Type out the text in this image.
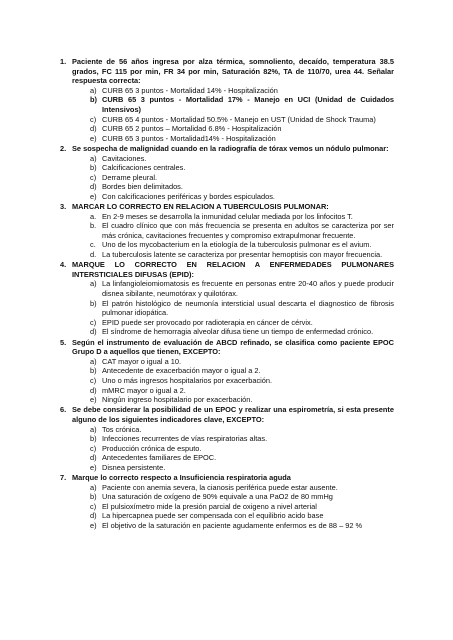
1. Paciente de 56 años ingresa por alza térmica, somnoliento, decaído, temperatura 38.5 grados, FC 115 por min, FR 34 por min, Saturación 82%, TA de 110/70, urea 44. Señalar respuesta correcta:
a) CURB 65 3 puntos - Mortalidad 14% - Hospitalización
b) CURB 65 3 puntos - Mortalidad 17% - Manejo en UCI (Unidad de Cuidados Intensivos)
c) CURB 65 4 puntos - Mortalidad 50.5% - Manejo en UST (Unidad de Shock Trauma)
d) CURB 65 2 puntos – Mortalidad 6.8% - Hospitalización
e) CURB 65 3 puntos - Mortalidad14% - Hospitalización
2. Se sospecha de malignidad cuando en la radiografía de tórax vemos un nódulo pulmonar:
a) Cavitaciones.
b) Calcificaciones centrales.
c) Derrame pleural.
d) Bordes bien delimitados.
e) Con calcificaciones periféricas y bordes espiculados.
3. MARCAR LO CORRECTO EN RELACION A TUBERCULOSIS PULMONAR:
a. En 2-9 meses se desarrolla la inmunidad celular mediada por los linfocitos T.
b. El cuadro clínico que con más frecuencia se presenta en adultos se caracteriza por ser más crónica, cavitaciones frecuentes y compromiso extrapulmonar frecuente.
c. Uno de los mycobacterium en la etiología de la tuberculosis pulmonar es el avium.
d. La tuberculosis latente se caracteriza por presentar hemoptisis con mayor frecuencia.
4. MARQUE LO CORRECTO EN RELACION A ENFERMEDADES PULMONARES INTERSTICIALES DIFUSAS (EPID):
a) La linfangioleiomiomatosis es frecuente en personas entre 20-40 años y puede producir disnea sibilante, neumotórax y quilotórax.
b) El patrón histológico de neumonía intersticial usual descarta el diagnostico de fibrosis pulmonar idiopática.
c) EPID puede ser provocado por radioterapia en cáncer de cérvix.
d) El síndrome de hemorragia alveolar difusa tiene un tiempo de enfermedad crónico.
5. Según el instrumento de evaluación de ABCD refinado, se clasifica como paciente EPOC Grupo D a aquellos que tienen, EXCEPTO:
a) CAT mayor o igual a 10.
b) Antecedente de exacerbación mayor o igual a 2.
c) Uno o más ingresos hospitalarios por exacerbación.
d) mMRC mayor o igual a 2.
e) Ningún ingreso hospitalario por exacerbación.
6. Se debe considerar la posibilidad de un EPOC y realizar una espirometría, si esta presente alguno de los siguientes indicadores clave, EXCEPTO:
a) Tos crónica.
b) Infecciones recurrentes de vías respiratorias altas.
c) Producción crónica de esputo.
d) Antecedentes familiares de EPOC.
e) Disnea persistente.
7. Marque lo correcto respecto a Insuficiencia respiratoria aguda
a) Paciente con anemia severa, la cianosis periférica puede estar ausente.
b) Una saturación de oxígeno de 90% equivale a una PaO2 de 80 mmHg
c) El pulsioxímetro mide la presión parcial de oxigeno a nivel arterial
d) La hipercapnea puede ser compensada con el equilibrio acido base
e) El objetivo de la saturación en paciente agudamente enfermos es de 88 – 92 %
